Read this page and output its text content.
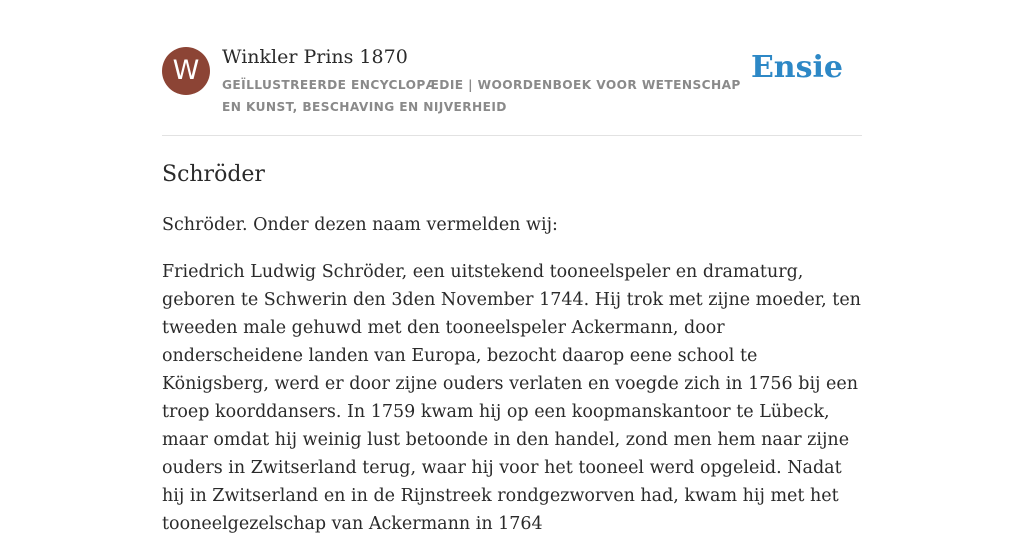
W	Winkler Prins 1870
GEÏLLUSTREERDE ENCYCLOPÆDIE | WOORDENBOEK VOOR WETENSCHAP EN KUNST, BESCHAVING EN NIJVERHEID
Ensie
Schröder

Schröder. Onder dezen naam vermelden wij:

Friedrich Ludwig Schröder, een uitstekend tooneelspeler en dramaturg, geboren te Schwerin den 3den November 1744. Hij trok met zijne moeder, ten tweeden male gehuwd met den tooneelspeler Ackermann, door onderscheidene landen van Europa, bezocht daarop eene school te Königsberg, werd er door zijne ouders verlaten en voegde zich in 1756 bij een troep koorddansers. In 1759 kwam hij op een koopmanskantoor te Lübeck, maar omdat hij weinig lust betoonde in den handel, zond men hem naar zijne ouders in Zwitserland terug, waar hij voor het tooneel werd opgeleid. Nadat hij in Zwitserland en in de Rijnstreek rondgezworven had, kwam hij met het tooneelgezelschap van Ackermann in 1764
